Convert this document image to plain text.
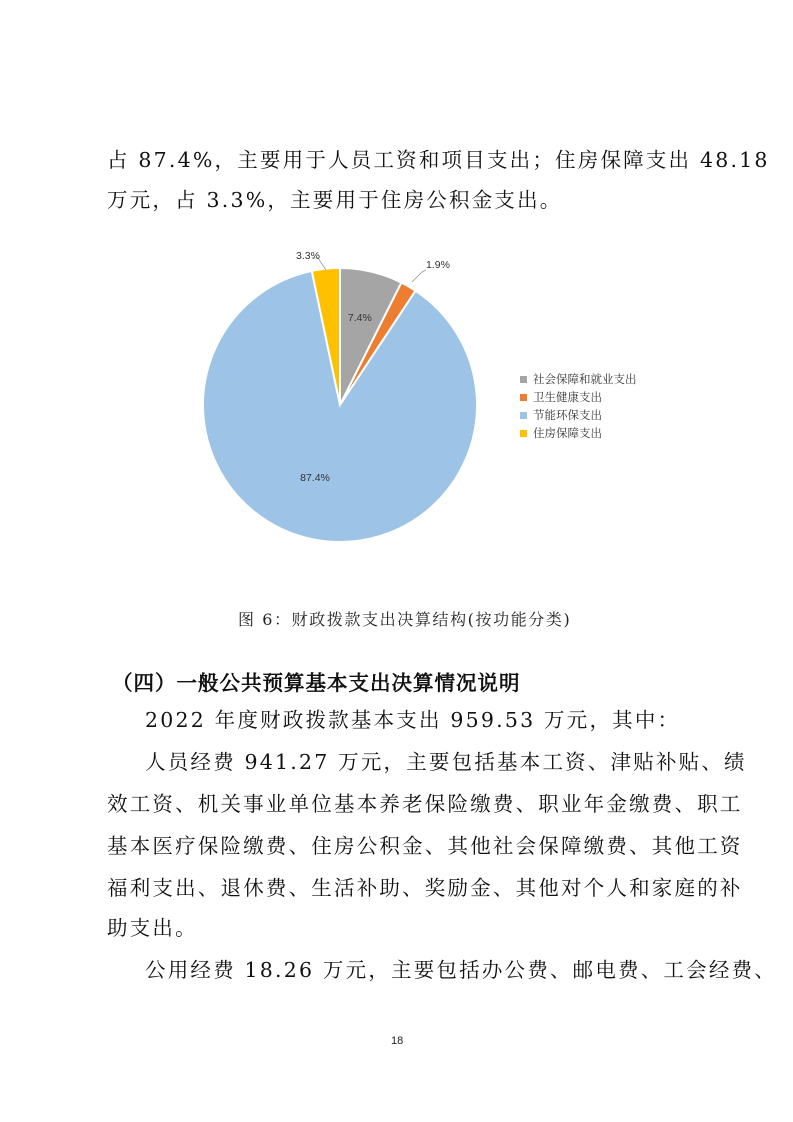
占 87.4%，主要用于人员工资和项目支出；住房保障支出 48.18
万元，占 3.3%，主要用于住房公积金支出。
7.4%
1.9%
87.4%
3.3%
社会保障和就业支出
卫生健康支出
节能环保支出
住房保障支出
图 6：财政拨款支出决算结构(按功能分类)
（四）一般公共预算基本支出决算情况说明
2022 年度财政拨款基本支出 959.53 万元，其中：
人员经费 941.27 万元，主要包括基本工资、津贴补贴、绩
效工资、机关事业单位基本养老保险缴费、职业年金缴费、职工
基本医疗保险缴费、住房公积金、其他社会保障缴费、其他工资
福利支出、退休费、生活补助、奖励金、其他对个人和家庭的补
助支出。
公用经费 18.26 万元，主要包括办公费、邮电费、工会经费、
18
